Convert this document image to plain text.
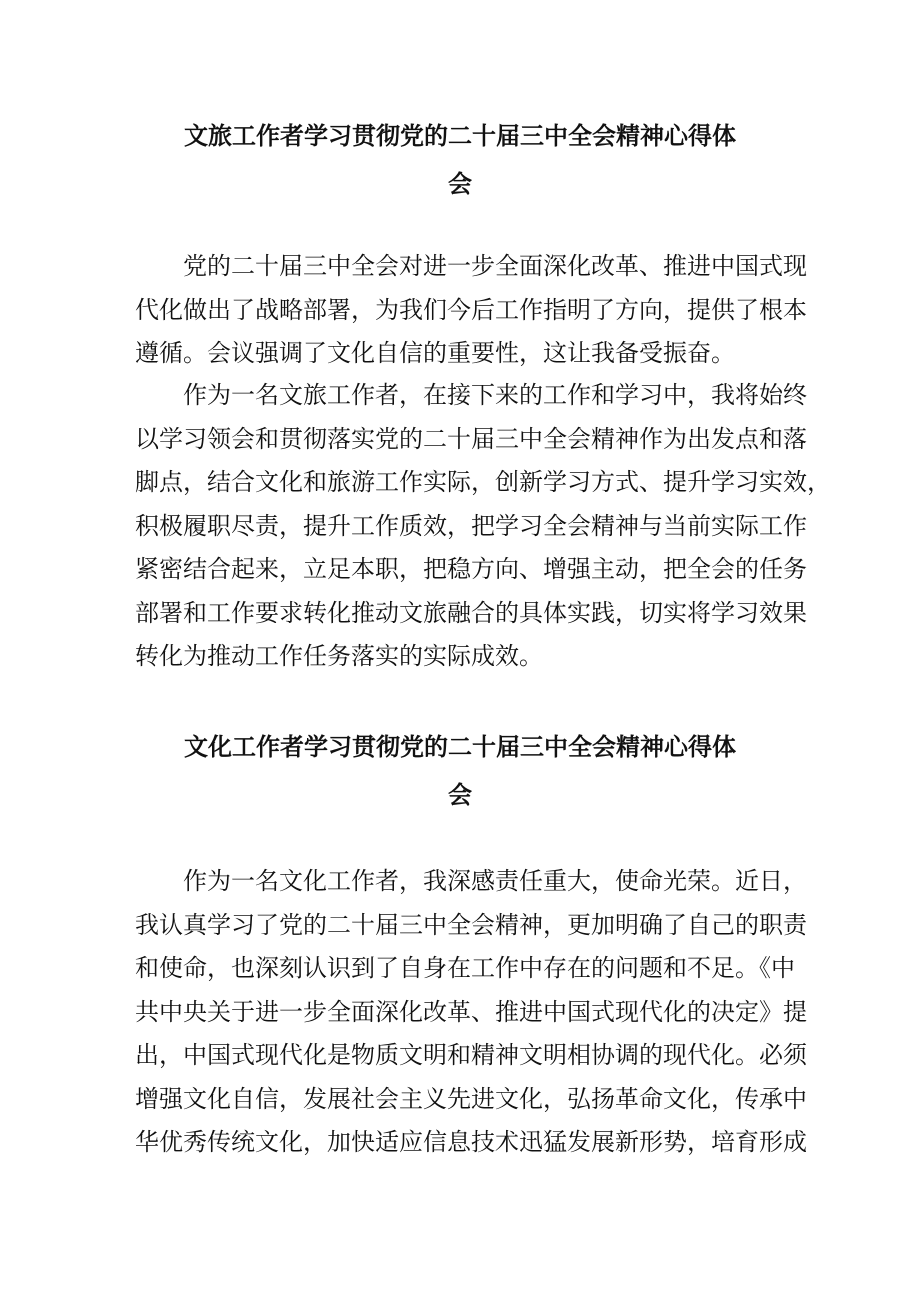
文旅工作者学习贯彻党的二十届三中全会精神心得体
会

党的二十届三中全会对进一步全面深化改革、推进中国式现
代化做出了战略部署，为我们今后工作指明了方向，提供了根本
遵循。会议强调了文化自信的重要性，这让我备受振奋。

作为一名文旅工作者，在接下来的工作和学习中，我将始终
以学习领会和贯彻落实党的二十届三中全会精神作为出发点和落
脚点，结合文化和旅游工作实际，创新学习方式、提升学习实效，
积极履职尽责，提升工作质效，把学习全会精神与当前实际工作
紧密结合起来，立足本职，把稳方向、增强主动，把全会的任务
部署和工作要求转化推动文旅融合的具体实践，切实将学习效果
转化为推动工作任务落实的实际成效。

文化工作者学习贯彻党的二十届三中全会精神心得体
会

作为一名文化工作者，我深感责任重大，使命光荣。近日，
我认真学习了党的二十届三中全会精神，更加明确了自己的职责
和使命，也深刻认识到了自身在工作中存在的问题和不足。《中
共中央关于进一步全面深化改革、推进中国式现代化的决定》提
出，中国式现代化是物质文明和精神文明相协调的现代化。必须
增强文化自信，发展社会主义先进文化，弘扬革命文化，传承中
华优秀传统文化，加快适应信息技术迅猛发展新形势，培育形成
